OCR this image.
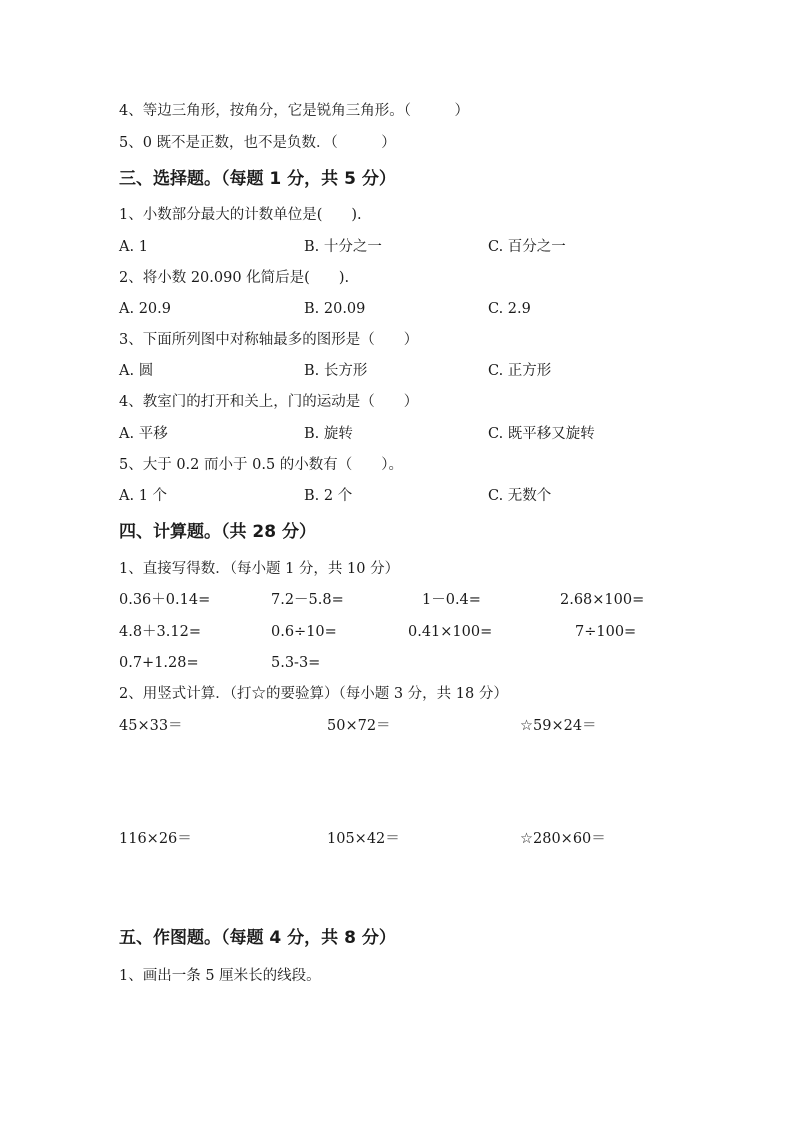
4、等边三角形，按角分，它是锐角三角形。（　　　）
5、0 既不是正数，也不是负数．（　　　）
三、选择题。（每题 1 分，共 5 分）
1、小数部分最大的计数单位是(　　).
A. 1	B. 十分之一	C. 百分之一
2、将小数 20.090 化简后是(　　).
A. 20.9	B. 20.09	C. 2.9
3、下面所列图中对称轴最多的图形是（　　）
A. 圆	B. 长方形	C. 正方形
4、教室门的打开和关上，门的运动是（　　）
A. 平移	B. 旋转	C. 既平移又旋转
5、大于 0.2 而小于 0.5 的小数有（　　）。
A. 1 个	B. 2 个	C. 无数个
四、计算题。（共 28 分）
1、直接写得数．（每小题 1 分，共 10 分）
0.36＋0.14=	7.2－5.8=	1－0.4=	2.68×100=
4.8＋3.12=	0.6÷10=	0.41×100=	7÷100=
0.7+1.28=	5.3-3=
2、用竖式计算．（打☆的要验算）（每小题 3 分，共 18 分）
45×33＝	50×72＝	☆59×24＝
116×26＝	105×42＝	☆280×60＝
五、作图题。（每题 4 分，共 8 分）
1、画出一条 5 厘米长的线段。
